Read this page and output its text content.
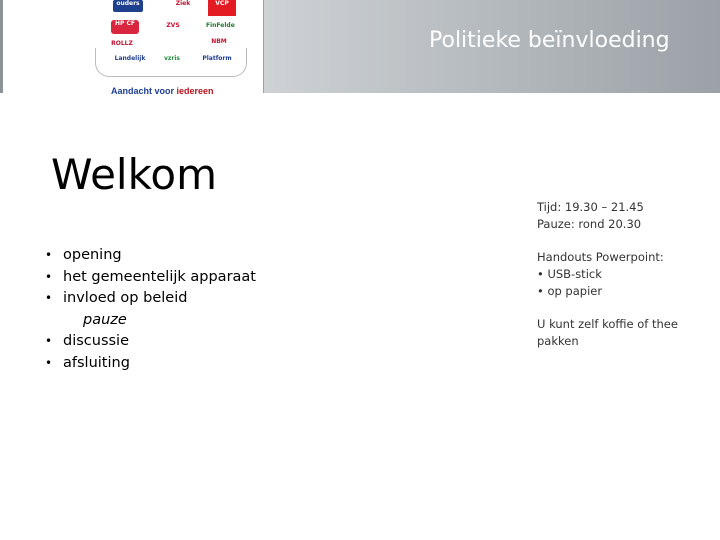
ouders	Ziek	VCP
HP CF	ZVS	FinFelde
ROLLZ	NBM
Landelijk	vzris	Platform
Aandacht voor iedereen
Politieke beïnvloeding
Welkom
• opening
• het gemeentelijk apparaat
• invloed op beleid
pauze
• discussie
• afsluiting
Tijd: 19.30 – 21.45
Pauze: rond 20.30
Handouts Powerpoint:
• USB-stick
• op papier
U kunt zelf koffie of thee
pakken
